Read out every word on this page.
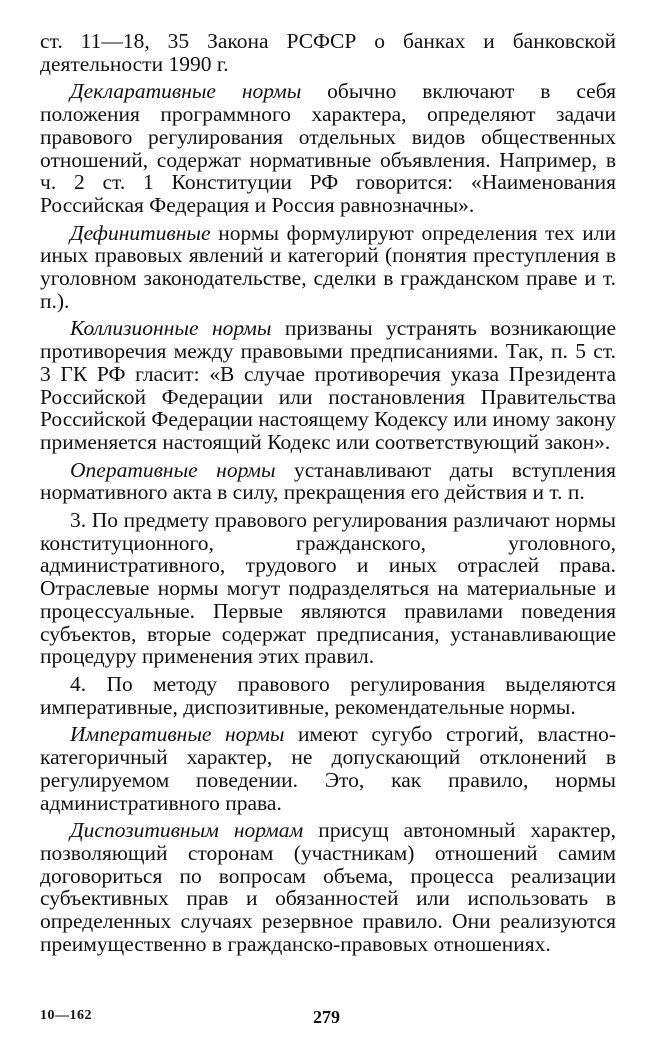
ст. 11—18, 35 Закона РСФСР о банках и банковской деятельности 1990 г.

Декларативные нормы обычно включают в себя положения программного характера, определяют задачи правового регулирования отдельных видов общественных отношений, содержат нормативные объявления. Например, в ч. 2 ст. 1 Конституции РФ говорится: «Наименования Российская Федерация и Россия равнозначны».

Дефинитивные нормы формулируют определения тех или иных правовых явлений и категорий (понятия преступления в уголовном законодательстве, сделки в гражданском праве и т. п.).

Коллизионные нормы призваны устранять возникающие противоречия между правовыми предписаниями. Так, п. 5 ст. 3 ГК РФ гласит: «В случае противоречия указа Президента Российской Федерации или постановления Правительства Российской Федерации настоящему Кодексу или иному закону применяется настоящий Кодекс или соответствующий закон».

Оперативные нормы устанавливают даты вступления нормативного акта в силу, прекращения его действия и т. п.

3. По предмету правового регулирования различают нормы конституционного, гражданского, уголовного, административного, трудового и иных отраслей права. Отраслевые нормы могут подразделяться на материальные и процессуальные. Первые являются правилами поведения субъектов, вторые содержат предписания, устанавливающие процедуру применения этих правил.

4. По методу правового регулирования выделяются императивные, диспозитивные, рекомендательные нормы.

Императивные нормы имеют сугубо строгий, властно-категоричный характер, не допускающий отклонений в регулируемом поведении. Это, как правило, нормы административного права.

Диспозитивным нормам присущ автономный характер, позволяющий сторонам (участникам) отношений самим договориться по вопросам объема, процесса реализации субъективных прав и обязанностей или использовать в определенных случаях резервное правило. Они реализуются преимущественно в гражданско-правовых отношениях.

10—162	279
